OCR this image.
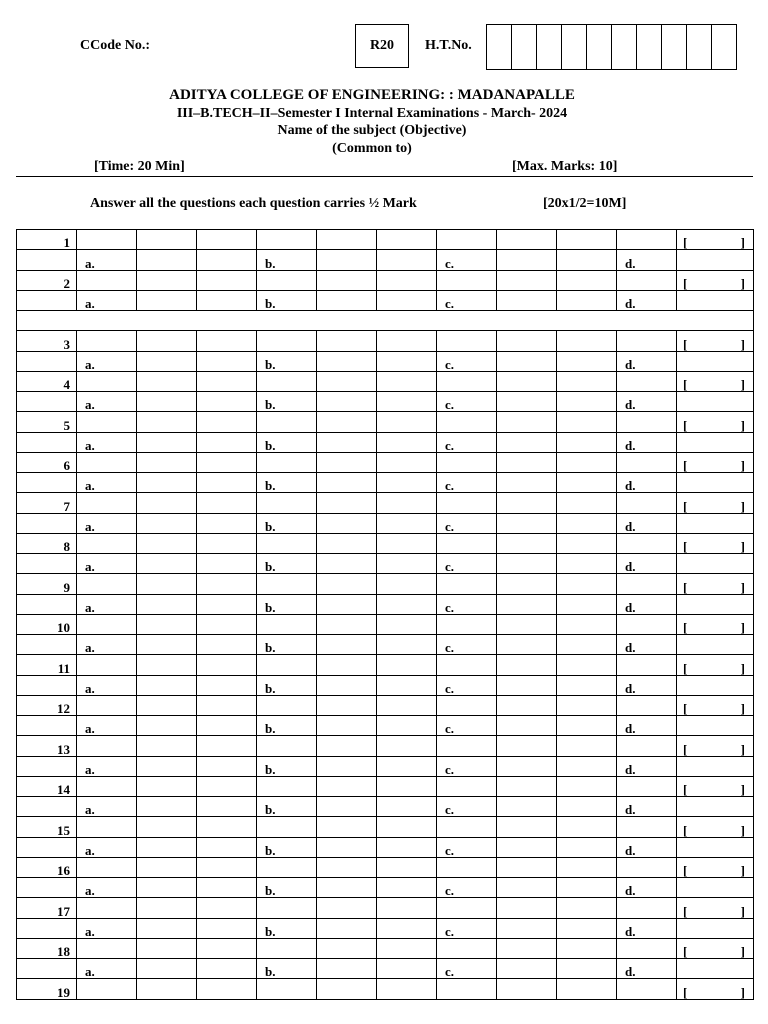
CCode No.:	R20	H.T.No.
ADITYA COLLEGE OF ENGINEERING: : MADANAPALLE
III–B.TECH–II–Semester I Internal Examinations - March- 2024
Name of the subject (Objective)
(Common to)
[Time: 20 Min]	[Max. Marks: 10]
Answer all the questions each question carries ½ Mark	[20x1/2=10M]
1											[ ]

	a.			b.			c.			d.	
2											[ ]

	a.			b.			c.			d.	

3											[ ]

	a.			b.			c.			d.	
4											[ ]

	a.			b.			c.			d.	
5											[ ]

	a.			b.			c.			d.	
6											[ ]

	a.			b.			c.			d.	
7											[ ]

	a.			b.			c.			d.	
8											[ ]

	a.			b.			c.			d.	
9											[ ]

	a.			b.			c.			d.	
10											[ ]

	a.			b.			c.			d.	
11											[ ]

	a.			b.			c.			d.	
12											[ ]

	a.			b.			c.			d.	
13											[ ]

	a.			b.			c.			d.	
14											[ ]

	a.			b.			c.			d.	
15											[ ]

	a.			b.			c.			d.	
16											[ ]

	a.			b.			c.			d.	
17											[ ]

	a.			b.			c.			d.	
18											[ ]

	a.			b.			c.			d.	
19											[ ]
